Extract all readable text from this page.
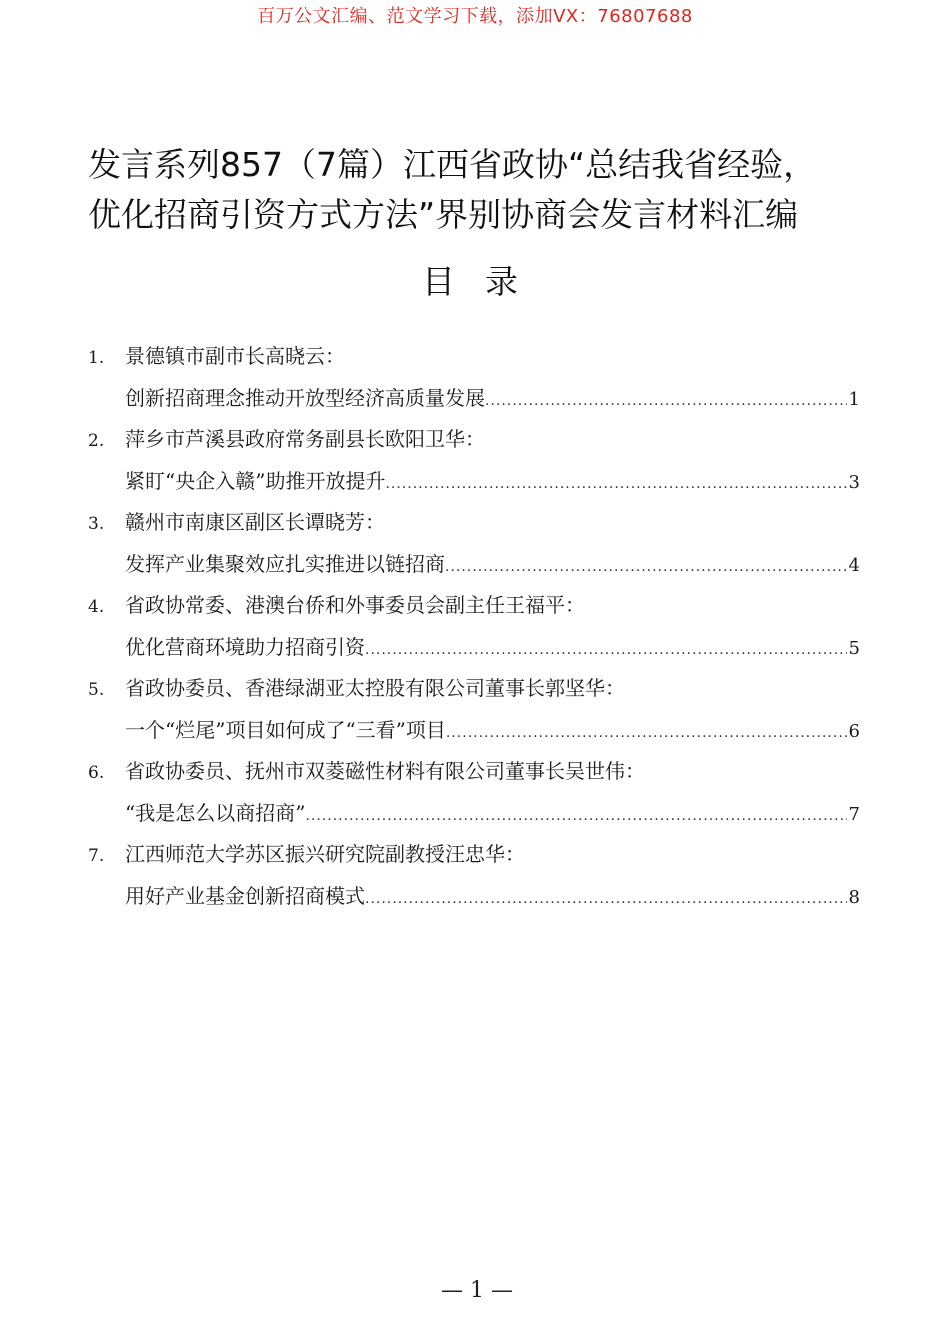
百万公文汇编、范文学习下载，添加VX：76807688
发言系列857（7篇）江西省政协“总结我省经验，
优化招商引资方式方法”界别协商会发言材料汇编
目录
1. 景德镇市副市长高晓云：
创新招商理念推动开放型经济高质量发展 .....	1
2. 萍乡市芦溪县政府常务副县长欧阳卫华：
紧盯“央企入赣”助推开放提升 .....	3
3. 赣州市南康区副区长谭晓芳：
发挥产业集聚效应扎实推进以链招商 .....	4
4. 省政协常委、港澳台侨和外事委员会副主任王福平：
优化营商环境助力招商引资 .....	5
5. 省政协委员、香港绿湖亚太控股有限公司董事长郭坚华：
一个“烂尾”项目如何成了“三看”项目 .....	6
6. 省政协委员、抚州市双菱磁性材料有限公司董事长吴世伟：
“我是怎么以商招商” .....	7
7. 江西师范大学苏区振兴研究院副教授汪忠华：
用好产业基金创新招商模式 .....	8
— 1 —
